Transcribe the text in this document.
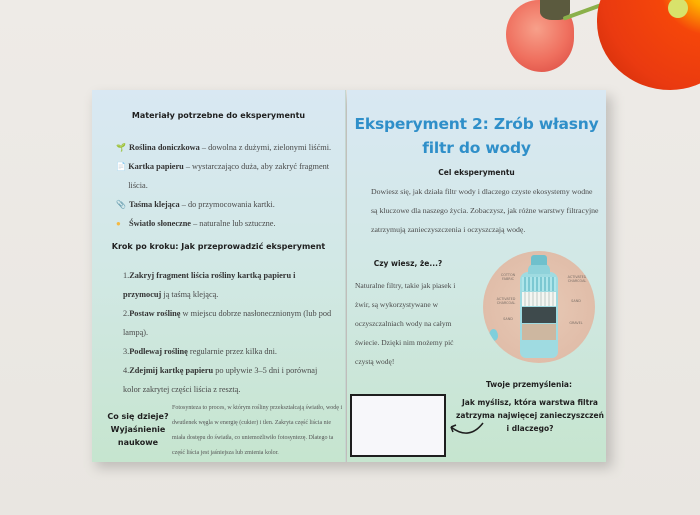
Materiały potrzebne do eksperymentu
🌱 Roślina doniczkowa – dowolna z dużymi, zielonymi liśćmi.
📄 Kartka papieru – wystarczająco duża, aby zakryć fragment liścia.
📎 Taśma klejąca – do przymocowania kartki.
● Światło słoneczne – naturalne lub sztuczne.
Krok po kroku: Jak przeprowadzić eksperyment
1.Zakryj fragment liścia rośliny kartką papieru i przymocuj ją taśmą klejącą.
2.Postaw roślinę w miejscu dobrze nasłonecznionym (lub pod lampą).
3.Podlewaj roślinę regularnie przez kilka dni.
4.Zdejmij kartkę papieru po upływie 3–5 dni i porównaj kolor zakrytej części liścia z resztą.
Co się dzieje? Wyjaśnienie naukowe
Fotosynteza to proces, w którym rośliny przekształcają światło, wodę i dwutlenek węgla w energię (cukier) i tlen. Zakryta część liścia nie miała dostępu do światła, co uniemożliwiło fotosyntezę. Dlatego ta część liścia jest jaśniejsza lub zmienia kolor.
Eksperyment 2: Zrób własny filtr do wody
Cel eksperymentu
Dowiesz się, jak działa filtr wody i dlaczego czyste ekosystemy wodne są kluczowe dla naszego życia. Zobaczysz, jak różne warstwy filtracyjne zatrzymują zanieczyszczenia i oczyszczają wodę.
Czy wiesz, że...?
Naturalne filtry, takie jak piasek i żwir, są wykorzystywane w oczyszczalniach wody na całym świecie. Dzięki nim możemy pić czystą wodę!
COTTON FABRIC
ACTIVATED CHARCOAL
SAND
ACTIVATED CHARCOAL
SAND
GRAVEL
Twoje przemyślenia:
Jak myślisz, która warstwa filtra zatrzyma najwięcej zanieczyszczeń i dlaczego?
